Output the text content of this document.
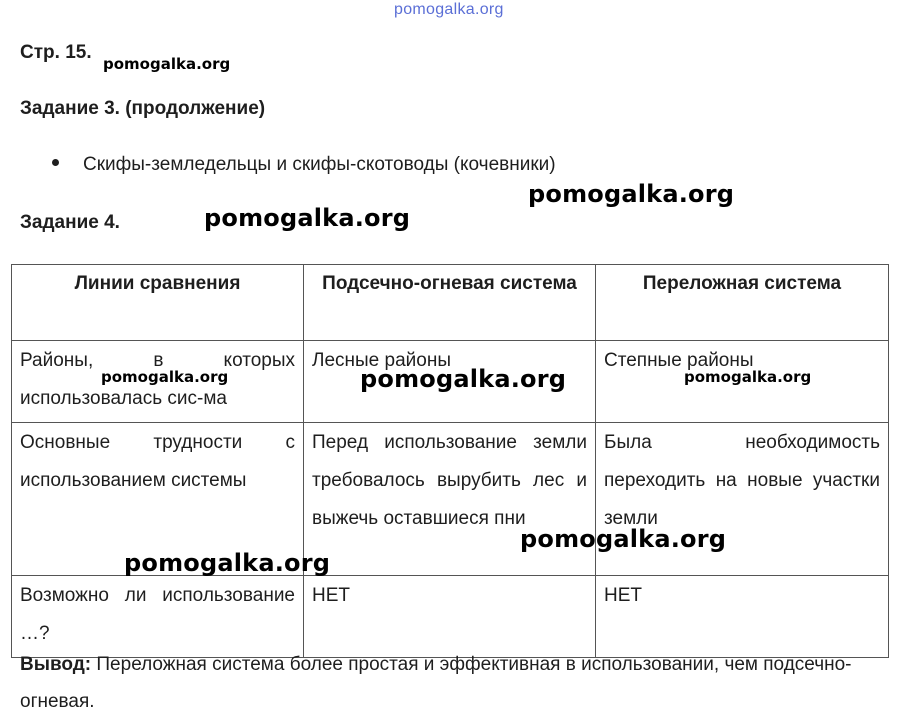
pomogalka.org
Стр. 15.
pomogalka.org
Задание 3. (продолжение)
Скифы-земледельцы и скифы-скотоводы (кочевники)
pomogalka.org
Задание 4.	pomogalka.org
Линии сравнения	Подсечно-огневая система	Переложная система
Районы, в которых использовалась сис-ма	Лесные районы	Степные районы
Основные трудности с использованием системы	Перед использование земли требовалось вырубить лес и выжечь оставшиеся пни	Была необходимость переходить на новые участки земли
Возможно ли использование …?	НЕТ	НЕТ
pomogalka.org	pomogalka.org	pomogalka.org
pomogalka.org
pomogalka.org
Вывод: Переложная система более простая и эффективная в использовании, чем подсечно-огневая.
